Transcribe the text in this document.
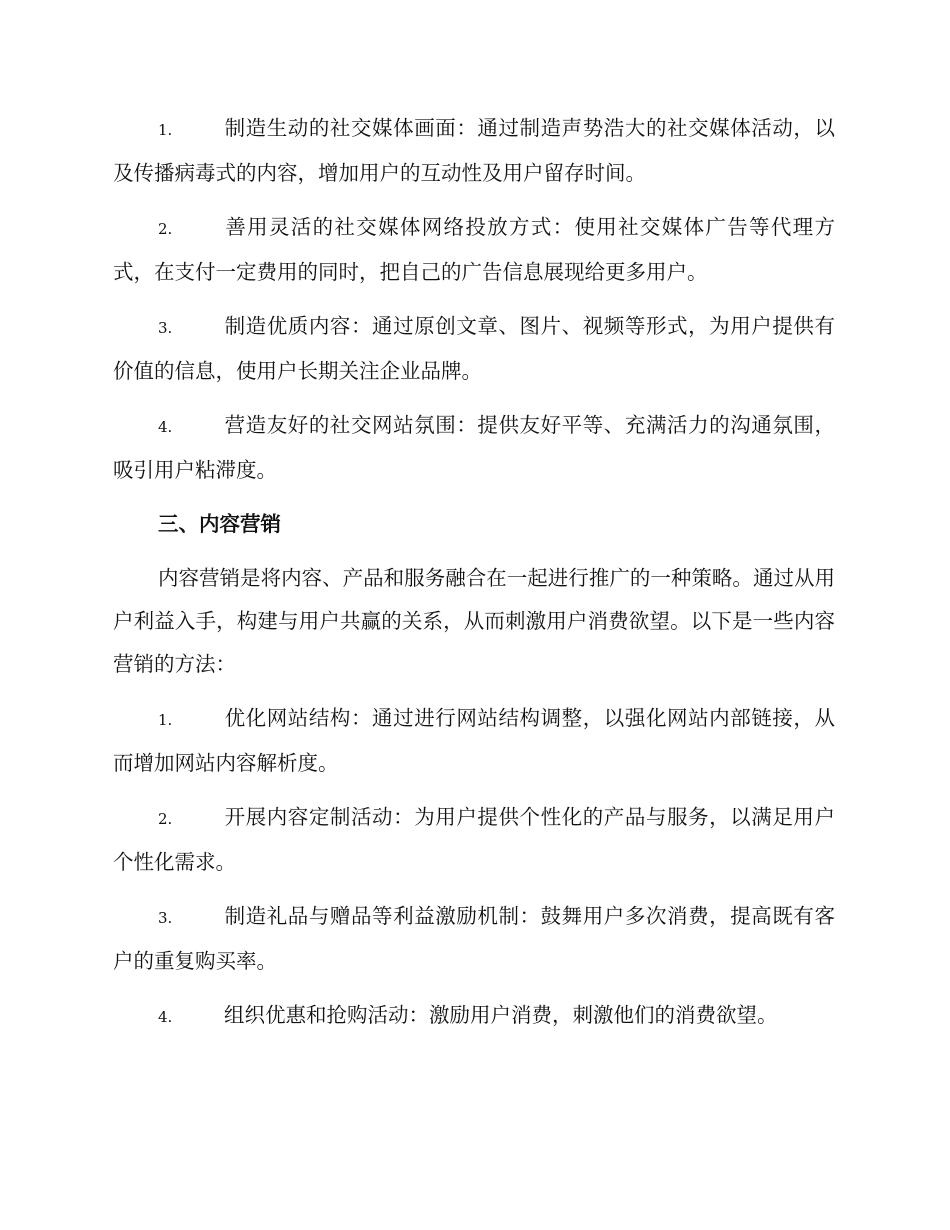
1.	制造生动的社交媒体画面：通过制造声势浩大的社交媒体活动，以及传播病毒式的内容，增加用户的互动性及用户留存时间。

2.	善用灵活的社交媒体网络投放方式：使用社交媒体广告等代理方式，在支付一定费用的同时，把自己的广告信息展现给更多用户。

3.	制造优质内容：通过原创文章、图片、视频等形式，为用户提供有价值的信息，使用户长期关注企业品牌。

4.	营造友好的社交网站氛围：提供友好平等、充满活力的沟通氛围，吸引用户粘滞度。

三、内容营销

内容营销是将内容、产品和服务融合在一起进行推广的一种策略。通过从用户利益入手，构建与用户共赢的关系，从而刺激用户消费欲望。以下是一些内容营销的方法：

1.	优化网站结构：通过进行网站结构调整，以强化网站内部链接，从而增加网站内容解析度。

2.	开展内容定制活动：为用户提供个性化的产品与服务，以满足用户个性化需求。

3.	制造礼品与赠品等利益激励机制：鼓舞用户多次消费，提高既有客户的重复购买率。

4.	组织优惠和抢购活动：激励用户消费，刺激他们的消费欲望。
